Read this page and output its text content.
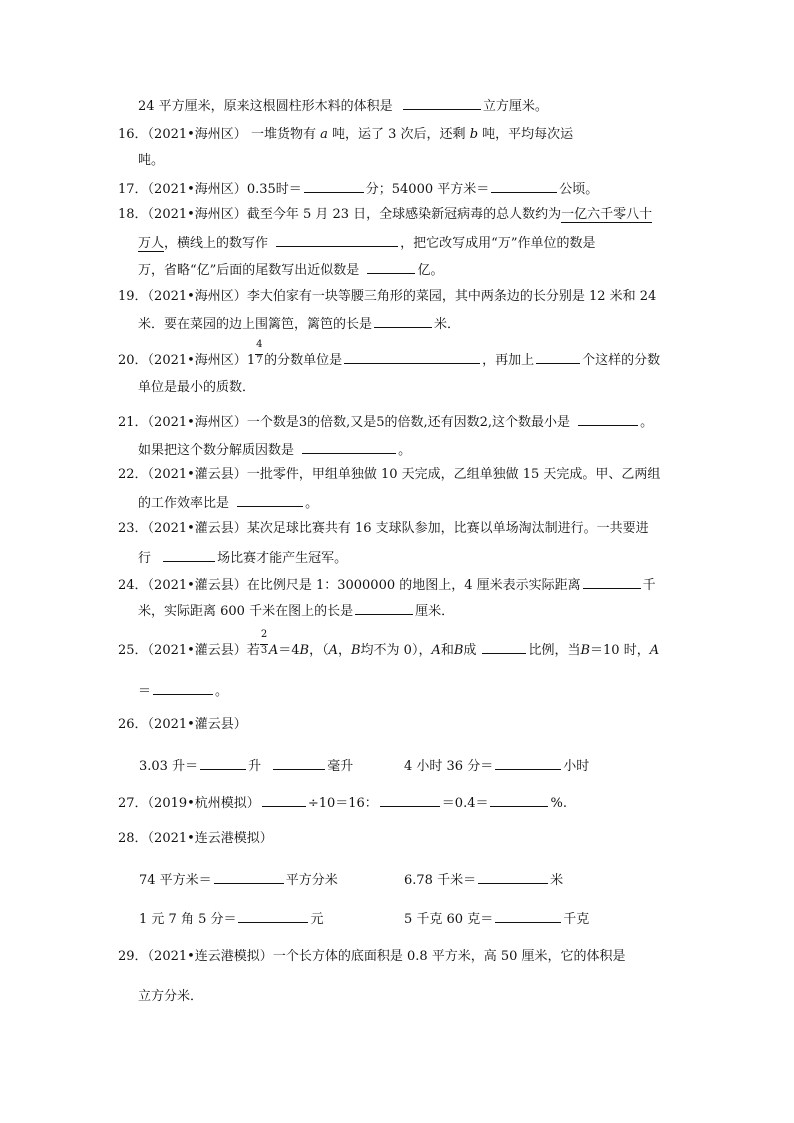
24 平方厘米，原来这根圆柱形木料的体积是	立方厘米。
16．（2021•海州区） 一堆货物有 a 吨，运了 3 次后，还剩 b 吨，平均每次运
吨。
17．（2021•海州区）0.35时＝	分；54000 平方米＝	公顷。
18．（2021•海州区）截至今年 5 月 23 日，全球感染新冠病毒的总人数约为一亿六千零八十
万人，横线上的数写作	，把它改写成用“万”作单位的数是
万，省略“亿”后面的尾数写出近似数是	亿。
19．（2021•海州区）李大伯家有一块等腰三角形的菜园，其中两条边的长分别是 12 米和 24
米．要在菜园的边上围篱笆，篱笆的长是	米．
20．（2021•海州区）$1 \frac{4}{7}$ 的分数单位是	，再加上	个这样的分数
单位是最小的质数．
21．（2021•海州区）一个数是3的倍数,又是5的倍数,还有因数2,这个数最小是	。
如果把这个数分解质因数是	。
22．（2021•灌云县）一批零件，甲组单独做 10 天完成，乙组单独做 15 天完成。甲、乙两组
的工作效率比是	。
23．（2021•灌云县）某次足球比赛共有 16 支球队参加，比赛以单场淘汰制进行。一共要进
行	场比赛才能产生冠军。
24．（2021•灌云县）在比例尺是 1：3000000 的地图上，4 厘米表示实际距离	千
米，实际距离 600 千米在图上的长是	厘米．
25．（2021•灌云县）若 $\frac{2}{3} A=4B$，（A，B均不为 0），A和B成	比例，当B＝10 时，A
＝	。
26．（2021•灌云县）
3.03 升＝	升	毫升	4 小时 36 分＝	小时
27．（2019•杭州模拟）	÷10＝16：	＝0.4＝	%.
28．（2021•连云港模拟）
74 平方米＝	平方分米	6.78 千米＝	米
1 元 7 角 5 分＝	元	5 千克 60 克＝	千克
29．（2021•连云港模拟）一个长方体的底面积是 0.8 平方米，高 50 厘米，它的体积是
立方分米．
